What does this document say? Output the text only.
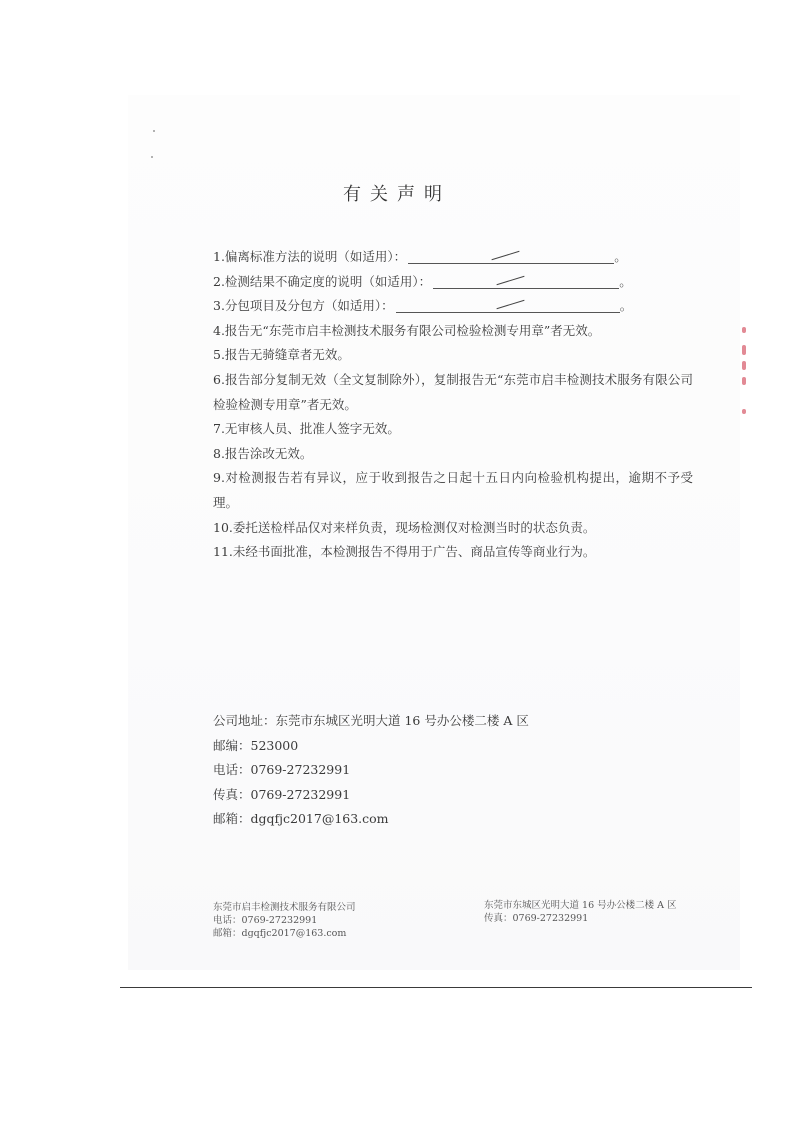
有关声明
1.偏离标准方法的说明（如适用）：	。
2.检测结果不确定度的说明（如适用）：	。
3.分包项目及分包方（如适用）：	。
4.报告无“东莞市启丰检测技术服务有限公司检验检测专用章”者无效。
5.报告无骑缝章者无效。
6.报告部分复制无效（全文复制除外），复制报告无“东莞市启丰检测技术服务有限公司检验检测专用章”者无效。
7.无审核人员、批准人签字无效。
8.报告涂改无效。
9.对检测报告若有异议，应于收到报告之日起十五日内向检验机构提出，逾期不予受理。
10.委托送检样品仅对来样负责，现场检测仅对检测当时的状态负责。
11.未经书面批准，本检测报告不得用于广告、商品宣传等商业行为。
公司地址：东莞市东城区光明大道 16 号办公楼二楼 A 区
邮编：523000
电话：0769-27232991
传真：0769-27232991
邮箱：dgqfjc2017@163.com
东莞市启丰检测技术服务有限公司
电话：0769-27232991
邮箱：dgqfjc2017@163.com
东莞市东城区光明大道 16 号办公楼二楼 A 区
传真：0769-27232991
